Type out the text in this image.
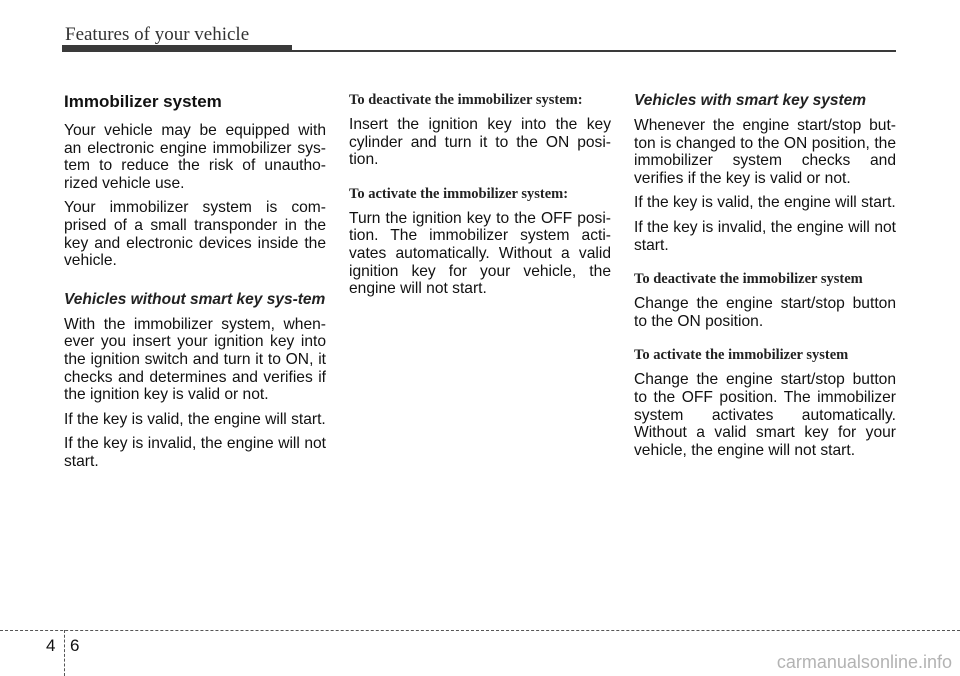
Features of your vehicle
Immobilizer system

Your vehicle may be equipped with an electronic engine immobilizer sys-tem to reduce the risk of unautho-rized vehicle use.

Your immobilizer system is com-prised of a small transponder in the key and electronic devices inside the vehicle.

Vehicles without smart key sys-tem

With the immobilizer system, when-ever you insert your ignition key into the ignition switch and turn it to ON, it checks and determines and verifies if the ignition key is valid or not.

If the key is valid, the engine will start.

If the key is invalid, the engine will not start.

To deactivate the immobilizer system:

Insert the ignition key into the key cylinder and turn it to the ON posi-tion.

To activate the immobilizer system:

Turn the ignition key to the OFF posi-tion. The immobilizer system acti-vates automatically. Without a valid ignition key for your vehicle, the engine will not start.

Vehicles with smart key system

Whenever the engine start/stop but-ton is changed to the ON position, the immobilizer system checks and verifies if the key is valid or not.

If the key is valid, the engine will start.

If the key is invalid, the engine will not start.

To deactivate the immobilizer system

Change the engine start/stop button to the ON position.

To activate the immobilizer system

Change the engine start/stop button to the OFF position. The immobilizer system activates automatically. Without a valid smart key for your vehicle, the engine will not start.

4 6
carmanualsonline.info
